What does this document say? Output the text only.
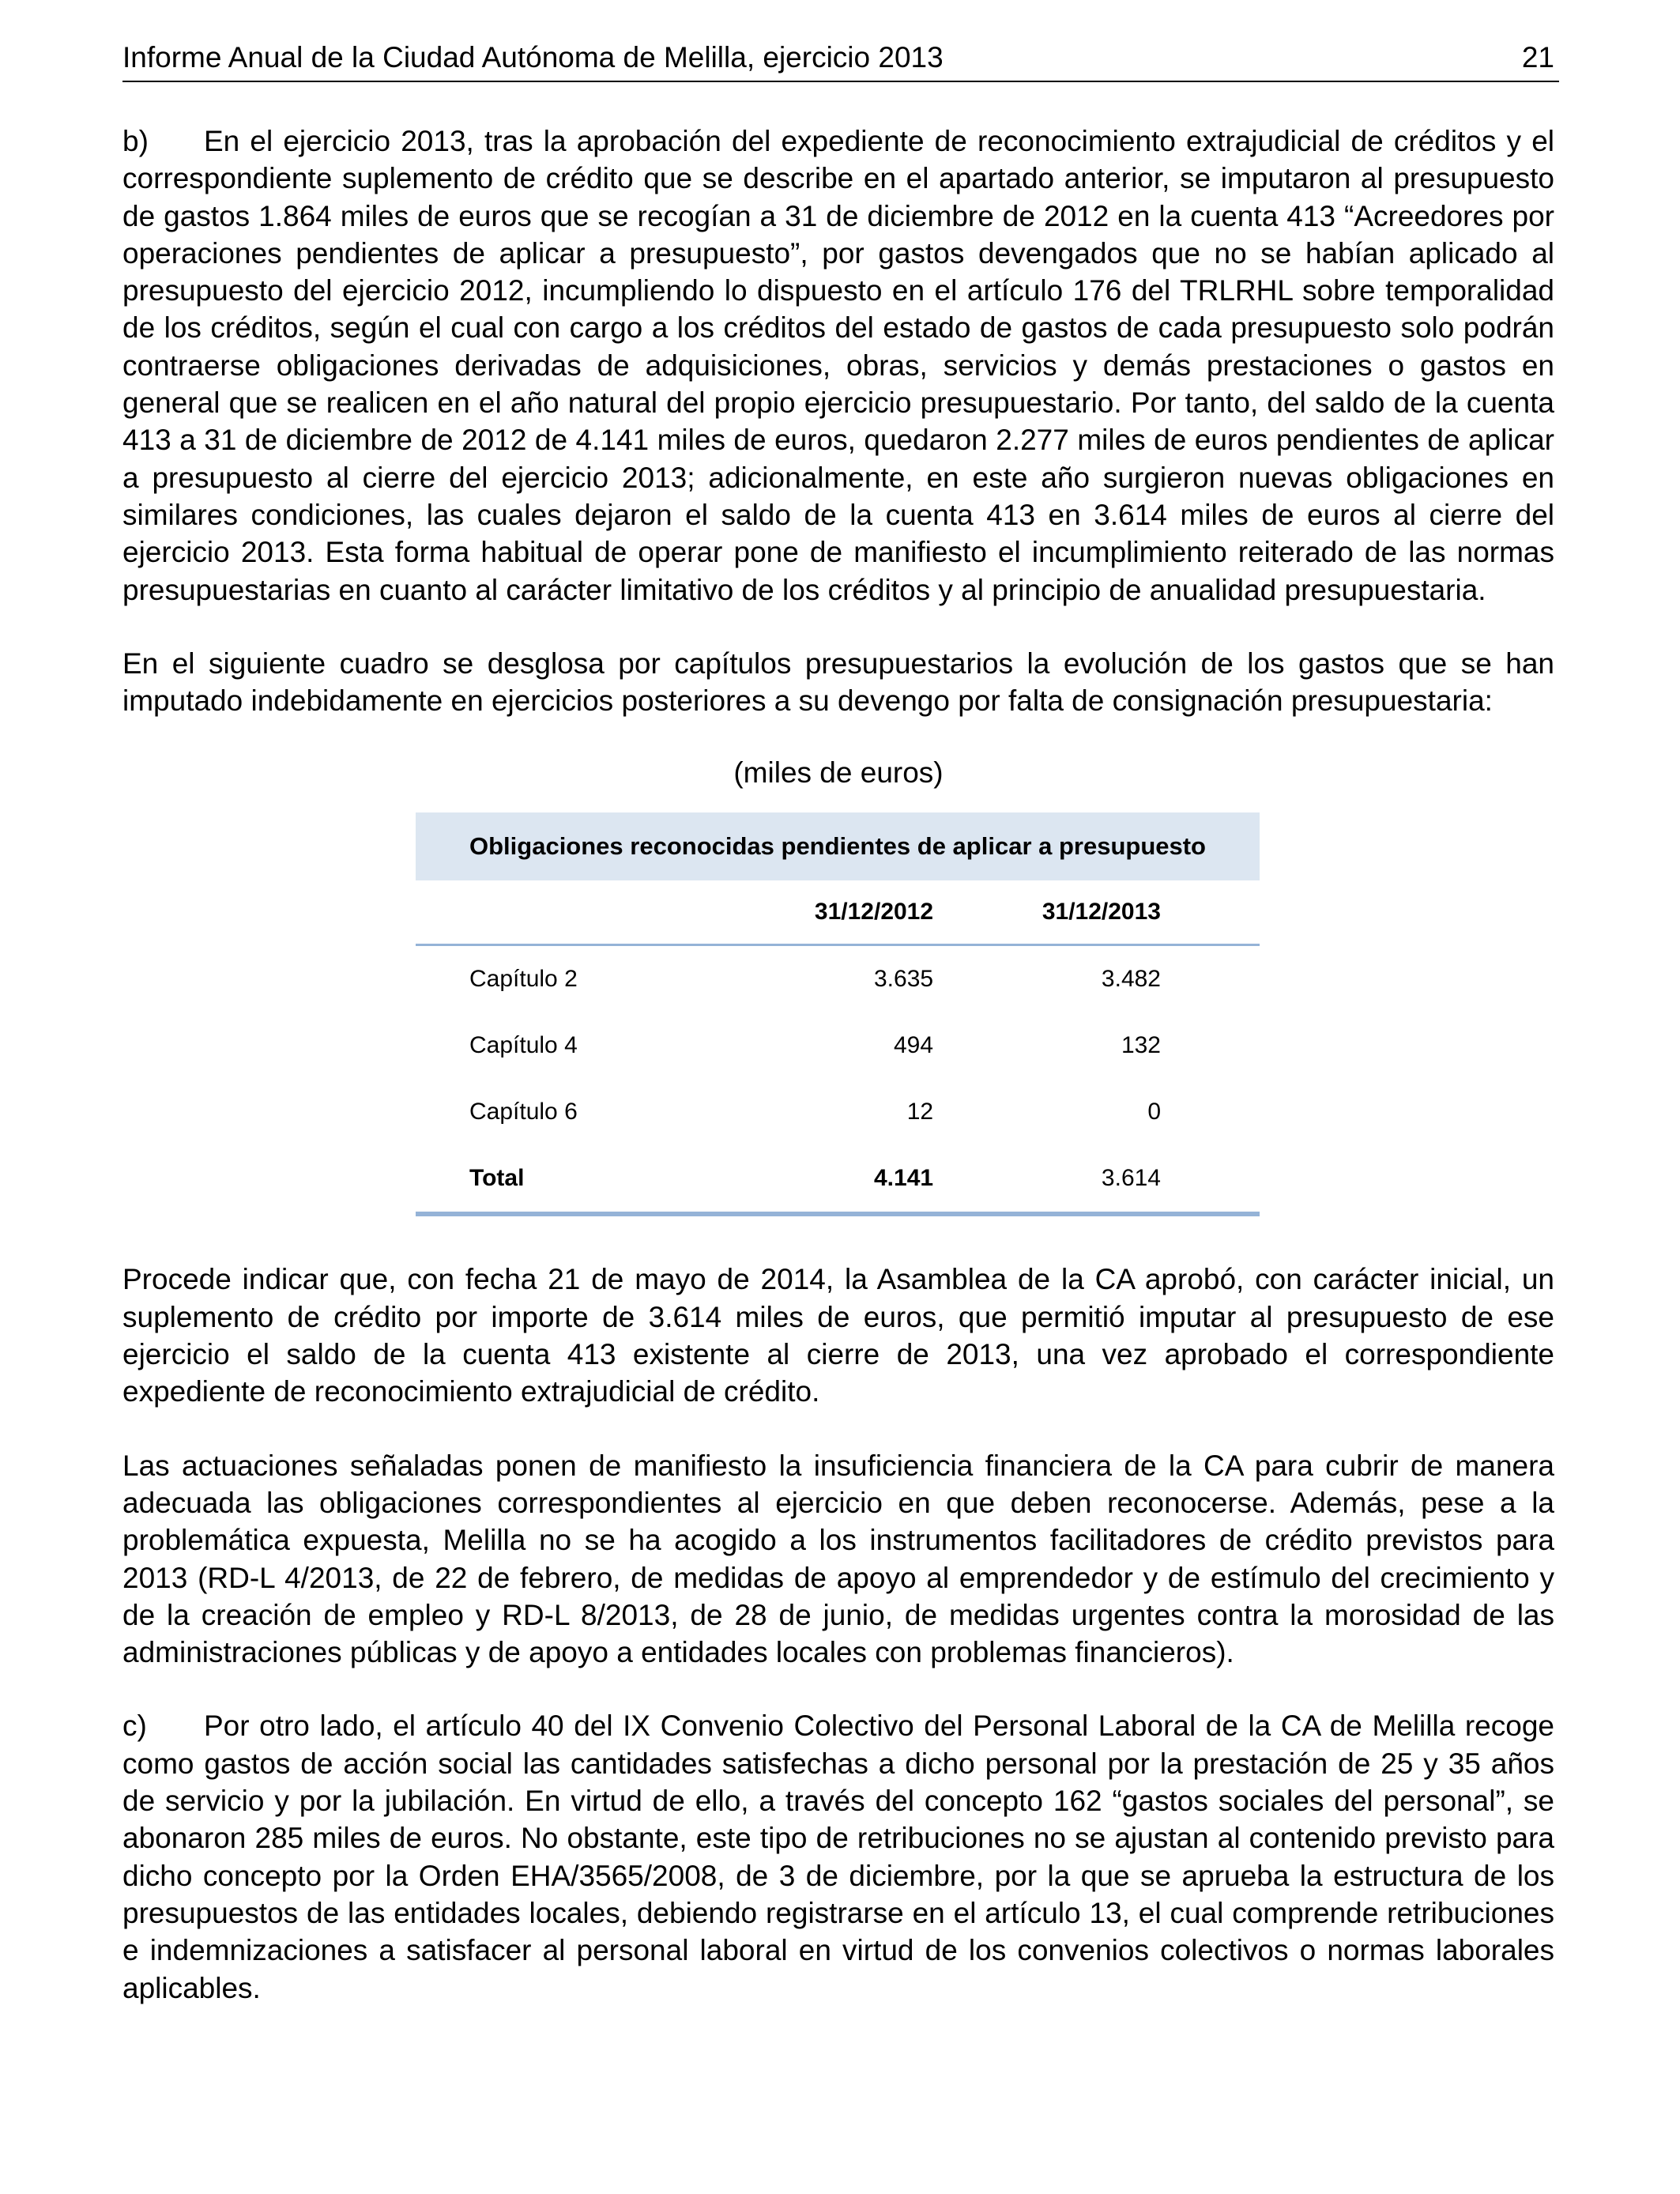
Informe Anual de la Ciudad Autónoma de Melilla, ejercicio 2013	21

b) En el ejercicio 2013, tras la aprobación del expediente de reconocimiento extrajudicial de créditos y el correspondiente suplemento de crédito que se describe en el apartado anterior, se imputaron al presupuesto de gastos 1.864 miles de euros que se recogían a 31 de diciembre de 2012 en la cuenta 413 “Acreedores por operaciones pendientes de aplicar a presupuesto”, por gastos devengados que no se habían aplicado al presupuesto del ejercicio 2012, incumpliendo lo dispuesto en el artículo 176 del TRLRHL sobre temporalidad de los créditos, según el cual con cargo a los créditos del estado de gastos de cada presupuesto solo podrán contraerse obligaciones derivadas de adquisiciones, obras, servicios y demás prestaciones o gastos en general que se realicen en el año natural del propio ejercicio presupuestario. Por tanto, del saldo de la cuenta 413 a 31 de diciembre de 2012 de 4.141 miles de euros, quedaron 2.277 miles de euros pendientes de aplicar a presupuesto al cierre del ejercicio 2013; adicionalmente, en este año surgieron nuevas obligaciones en similares condiciones, las cuales dejaron el saldo de la cuenta 413 en 3.614 miles de euros al cierre del ejercicio 2013. Esta forma habitual de operar pone de manifiesto el incumplimiento reiterado de las normas presupuestarias en cuanto al carácter limitativo de los créditos y al principio de anualidad presupuestaria.

En el siguiente cuadro se desglosa por capítulos presupuestarios la evolución de los gastos que se han imputado indebidamente en ejercicios posteriores a su devengo por falta de consignación presupuestaria:

(miles de euros)
Obligaciones reconocidas pendientes de aplicar a presupuesto		
	31/12/2012	31/12/2013
Capítulo 2	3.635	3.482
Capítulo 4	494	132
Capítulo 6	12	0
Total	4.141	3.614

Procede indicar que, con fecha 21 de mayo de 2014, la Asamblea de la CA aprobó, con carácter inicial, un suplemento de crédito por importe de 3.614 miles de euros, que permitió imputar al presupuesto de ese ejercicio el saldo de la cuenta 413 existente al cierre de 2013, una vez aprobado el correspondiente expediente de reconocimiento extrajudicial de crédito.

Las actuaciones señaladas ponen de manifiesto la insuficiencia financiera de la CA para cubrir de manera adecuada las obligaciones correspondientes al ejercicio en que deben reconocerse. Además, pese a la problemática expuesta, Melilla no se ha acogido a los instrumentos facilitadores de crédito previstos para 2013 (RD-L 4/2013, de 22 de febrero, de medidas de apoyo al emprendedor y de estímulo del crecimiento y de la creación de empleo y RD-L 8/2013, de 28 de junio, de medidas urgentes contra la morosidad de las administraciones públicas y de apoyo a entidades locales con problemas financieros).

c) Por otro lado, el artículo 40 del IX Convenio Colectivo del Personal Laboral de la CA de Melilla recoge como gastos de acción social las cantidades satisfechas a dicho personal por la prestación de 25 y 35 años de servicio y por la jubilación. En virtud de ello, a través del concepto 162 “gastos sociales del personal”, se abonaron 285 miles de euros. No obstante, este tipo de retribuciones no se ajustan al contenido previsto para dicho concepto por la Orden EHA/3565/2008, de 3 de diciembre, por la que se aprueba la estructura de los presupuestos de las entidades locales, debiendo registrarse en el artículo 13, el cual comprende retribuciones e indemnizaciones a satisfacer al personal laboral en virtud de los convenios colectivos o normas laborales aplicables.
